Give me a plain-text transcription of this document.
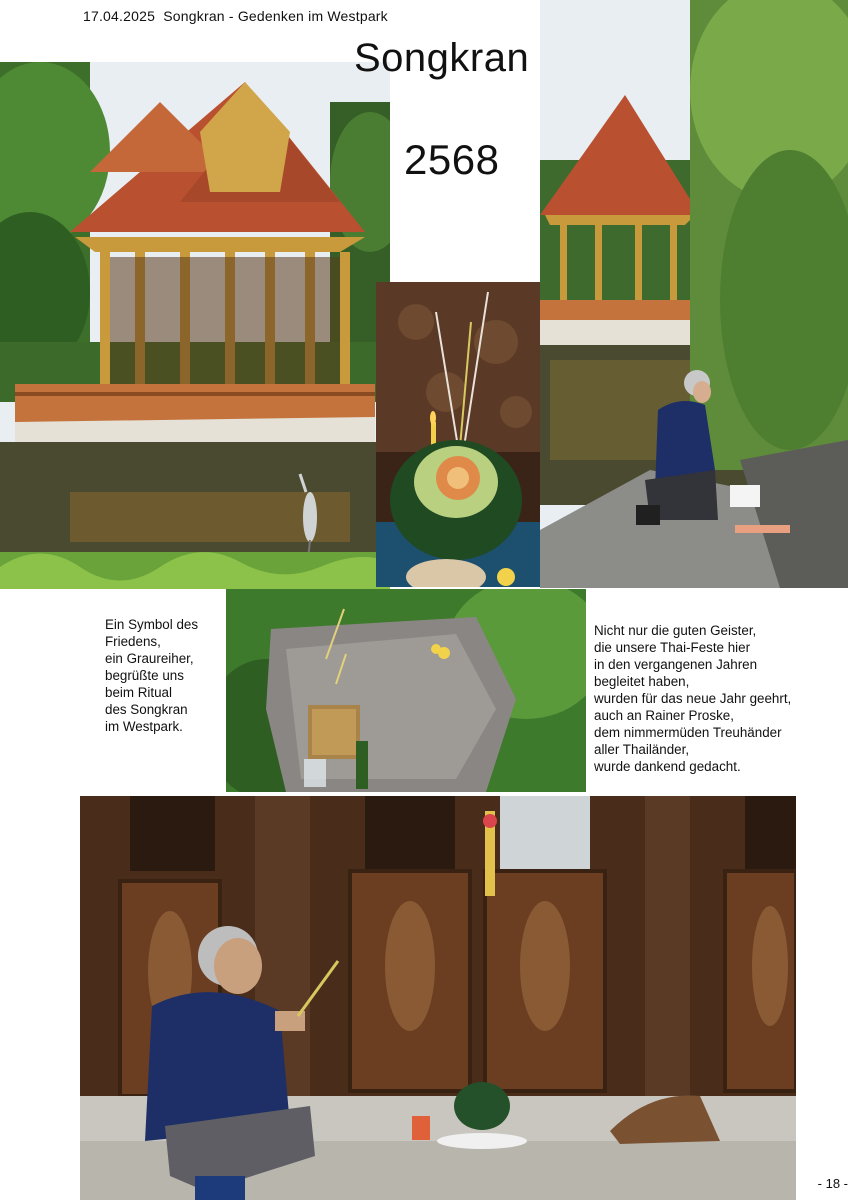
17.04.2025 Songkran - Gedenken im Westpark
Songkran
2568
Ein Symbol des
Friedens,
ein Graureiher,
begrüßte uns
beim Ritual
des Songkran
im Westpark.
Nicht nur die guten Geister,
die unsere Thai-Feste hier
in den vergangenen Jahren
begleitet haben,
wurden für das neue Jahr geehrt,
auch an Rainer Proske,
dem nimmermüden Treuhänder
aller Thailänder,
wurde dankend gedacht.
- 18 -
